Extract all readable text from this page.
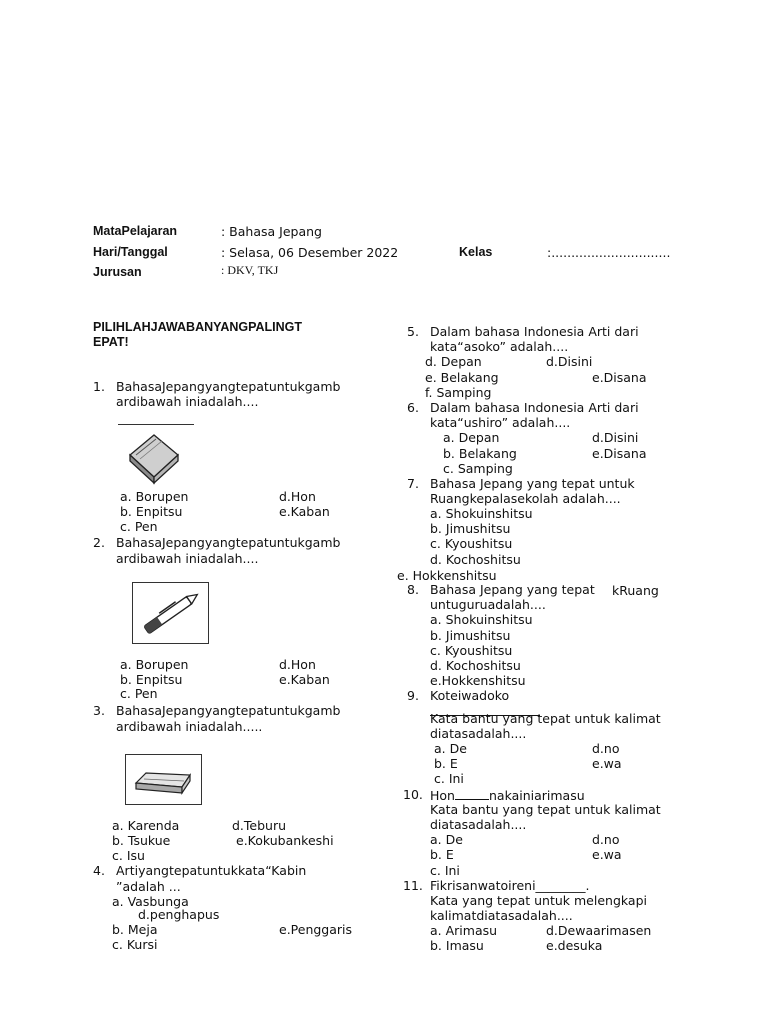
MataPelajaran	: Bahasa Jepang
Hari/Tanggal	: Selasa, 06 Desember 2022	Kelas	:..............................
Jurusan	: DKV, TKJ
PILIHLAHJAWABANYANGPALINGT
EPAT!
1. BahasaJepangyangtepatuntukgamb
ardibawah iniadalah....
a. Borupen	d.Hon
b. Enpitsu	e.Kaban
c. Pen
2. BahasaJepangyangtepatuntukgamb
ardibawah iniadalah....
a. Borupen	d.Hon
b. Enpitsu	e.Kaban
c. Pen
3. BahasaJepangyangtepatuntukgamb
ardibawah iniadalah.....
a. Karenda	d.Teburu
b. Tsukue	e.Kokubankeshi
c. Isu
4. Artiyangtepatuntukkata“Kabin
”adalah ...
a. Vasbunga
d.penghapus
b. Meja	e.Penggaris
c. Kursi
5. Dalam bahasa Indonesia Arti dari
kata“asoko” adalah....
d. Depan	d.Disini
e. Belakang	e.Disana
f. Samping
6. Dalam bahasa Indonesia Arti dari
kata“ushiro” adalah....
a. Depan	d.Disini
b. Belakang	e.Disana
c. Samping
7. Bahasa Jepang yang tepat untuk
Ruangkepalasekolah adalah....
a. Shokuinshitsu
b. Jimushitsu
c. Kyoushitsu
d. Kochoshitsu
e. Hokkenshitsu
8. Bahasa Jepang yang tepat kRuang
untuguruadalah....
a. Shokuinshitsu
b. Jimushitsu
c. Kyoushitsu
d. Kochoshitsu
e.Hokkenshitsu
9. Koteiwadoko
Kata bantu yang tepat untuk kalimat
diatasadalah....
a. De	d.no
b. E	e.wa
c. Ini
10. Hon	nakainiarimasu
Kata bantu yang tepat untuk kalimat
diatasadalah....
a. De	d.no
b. E	e.wa
c. Ini
11. Fikrisanwatoireni________.
Kata yang tepat untuk melengkapi
kalimatdiatasadalah....
a. Arimasu	d.Dewaarimasen
b. Imasu	e.desuka
